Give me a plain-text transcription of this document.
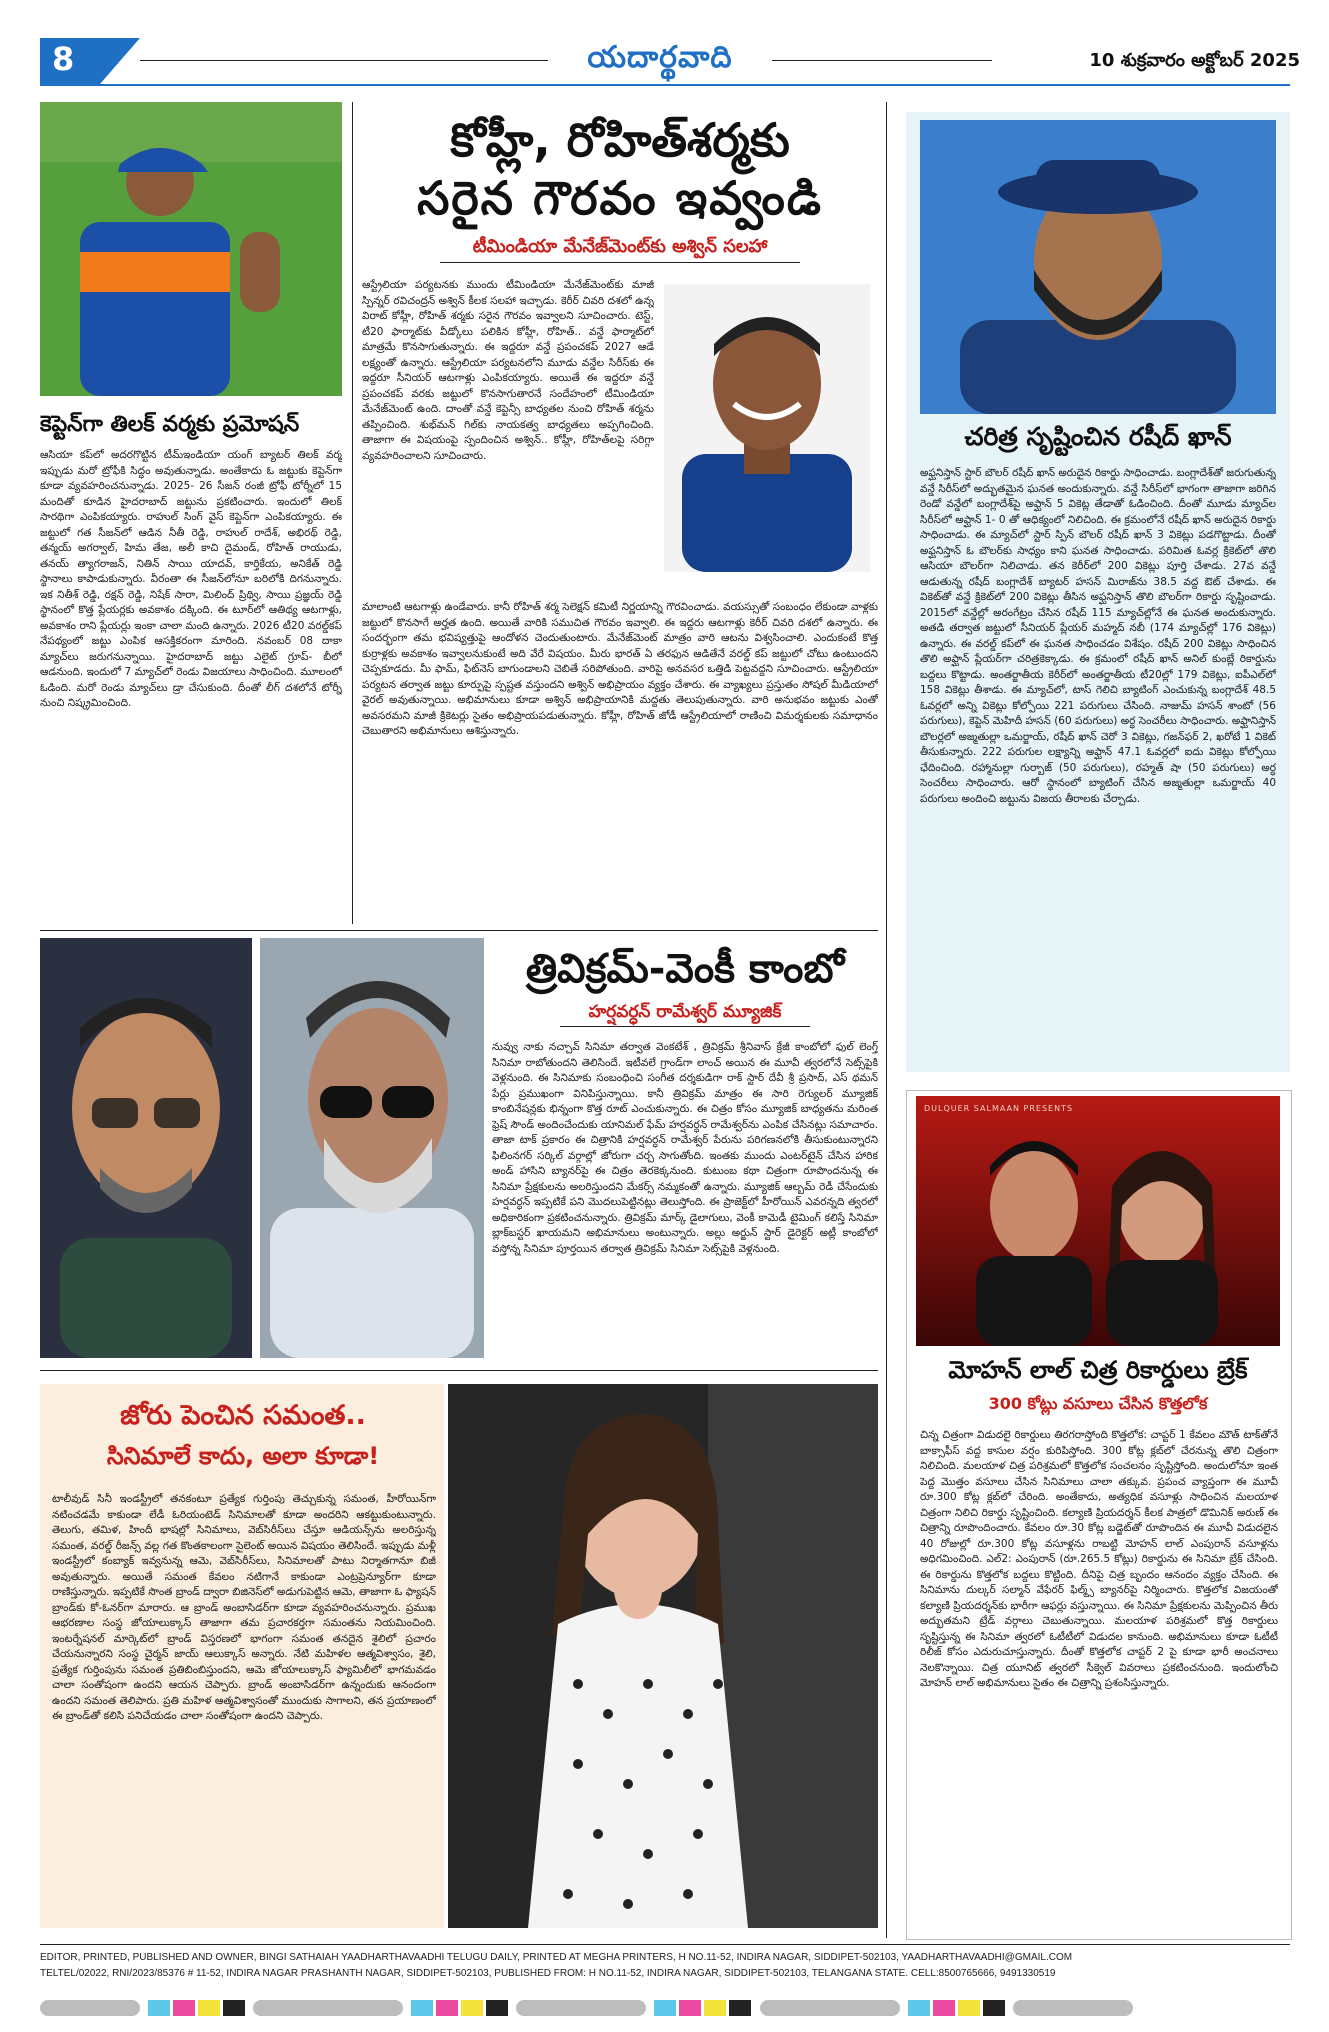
8	యదార్థవాది	10 శుక్రవారం అక్టోబర్ 2025
కెప్టెన్‌గా తిలక్ వర్మకు ప్రమోషన్
ఆసియా కప్‌లో అదరగొట్టిన టీమ్‌ఇండియా యంగ్ బ్యాటర్ తిలక్ వర్మ ఇప్పుడు మరో ట్రోఫీకి సిద్ధం అవుతున్నాడు. అంతేకాదు ఓ జట్టుకు కెప్టెన్‌గా కూడా వ్యవహరించనున్నాడు. 2025- 26 సీజన్ రంజీ ట్రోఫీ టోర్నీలో 15 మందితో కూడిన హైదరాబాద్ జట్టును ప్రకటించారు. ఇందులో తిలక్ సారథిగా ఎంపికయ్యారు. రాహుల్ సింగ్ వైస్ కెప్టెన్‌గా ఎంపికయ్యారు. ఈ జట్టులో గత సీజన్‌లో ఆడిన నీతీ రెడ్డి, రాహుల్ రాదేశ్, అభిరథ్ రెడ్డి, తన్మయ్ అగర్వాల్, హిమ తేజ, అలీ కాచి దైమండ్, రోహిత్ రాయుడు, తనయ్ త్యాగరాజన్, నితిన్ సాయి యాదవ్, కార్తికేయ, అనికేత్ రెడ్డి స్థానాలు కాపాడుకున్నారు. వీరంతా ఈ సీజన్‌లోనూ బరిలోకి దిగనున్నారు. ఇక నితీశ్ రెడ్డి, రక్షన్ రెడ్డి, నిషేక్ సారా, మిలింద్ ప్రిథ్వి, సాయి ప్రజ్ఞయ్ రెడ్డి స్థానంలో కొత్త ప్లేయర్లకు అవకాశం దక్కింది. ఈ టూర్‌లో ఆతిథ్య ఆటగాళ్లు, అవకాశం రాని ప్లేయర్లు ఇంకా చాలా మంది ఉన్నారు. 2026 టీ20 వరల్డ్‌కప్ నేపథ్యంలో జట్టు ఎంపిక ఆసక్తికరంగా మారింది. నవంబర్ 08 దాకా మ్యాచ్‌లు జరుగనున్నాయి. హైదరాబాద్ జట్టు ఎలైట్ గ్రూప్- బీలో ఆడనుంది. ఇందులో 7 మ్యాచ్‌లో రెండు విజయాలు సాధించింది. మూలంలో ఓడింది. మరో రెండు మ్యాచ్‌లు డ్రా చేసుకుంది. దీంతో లీగ్ దశలోనే టోర్నీ నుంచి నిష్క్రమించింది.
కోహ్లీ, రోహిత్‌శర్మకు
సరైన గౌరవం ఇవ్వండి
టీమిండియా మేనేజ్‌మెంట్‌కు అశ్విన్ సలహా
ఆస్ట్రేలియా పర్యటనకు ముందు టీమిండియా మేనేజ్‌మెంట్‌కు మాజీ స్పిన్నర్ రవిచంద్రన్ అశ్విన్ కీలక సలహా ఇచ్చాడు. కెరీర్ చివరి దశలో ఉన్న విరాట్ కోహ్లీ, రోహిత్ శర్మకు సరైన గౌరవం ఇవ్వాలని సూచించారు. టెస్ట్, టీ20 ఫార్మాట్‌కు వీడ్కోలు పలికిన కోహ్లీ, రోహిత్.. వన్డే ఫార్మాట్‌లో మాత్రమే కొనసాగుతున్నారు. ఈ ఇద్దరూ వన్డే ప్రపంచకప్ 2027 ఆడే లక్ష్యంతో ఉన్నారు. ఆస్ట్రేలియా పర్యటనలోని మూడు వన్డేల సిరీస్‌కు ఈ ఇద్దరూ సీనియర్ ఆటగాళ్లు ఎంపికయ్యారు. అయితే ఈ ఇద్దరూ వన్డే ప్రపంచకప్ వరకు జట్టులో కొనసాగుతారనే సందేహంలో టీమిండియా మేనేజ్‌మెంట్ ఉంది. దాంతో వన్డే కెప్టెన్సీ బాధ్యతల నుంచి రోహిత్ శర్మను తప్పించింది. శుభ్‌మన్ గిల్‌కు నాయకత్వ బాధ్యతలు అప్పగించింది. తాజాగా ఈ విషయంపై స్పందించిన అశ్విన్.. కోహ్లీ, రోహిత్‌లపై సరిగ్గా వ్యవహరించాలని సూచించారు.
మాలాంటి ఆటగాళ్లు ఉండేవారు. కానీ రోహిత్ శర్మ సెలెక్షన్ కమిటీ నిర్ణయాన్ని గౌరవించాడు. వయస్సుతో సంబంధం లేకుండా వాళ్లకు జట్టులో కొనసాగే అర్హత ఉంది. అయితే వారికి సముచిత గౌరవం ఇవ్వాలి. ఈ ఇద్దరు ఆటగాళ్లు కెరీర్ చివరి దశలో ఉన్నారు. ఈ సందర్భంగా తమ భవిష్యత్తుపై ఆందోళన చెందుతుంటారు. మేనేజ్‌మెంట్ మాత్రం వారి ఆటను విశ్వసించాలి. ఎందుకంటే కొత్త కుర్రాళ్లకు అవకాశం ఇవ్వాలనుకుంటే అది వేరే విషయం. మీరు భారత్ ఏ తరఫున ఆడితేనే వరల్డ్ కప్ జట్టులో చోటు ఉంటుందని చెప్పకూడదు. మీ ఫామ్, ఫిట్‌నెస్ బాగుండాలని చెబితే సరిపోతుంది. వారిపై అనవసర ఒత్తిడి పెట్టవద్దని సూచించారు. ఆస్ట్రేలియా పర్యటన తర్వాత జట్టు కూర్పుపై స్పష్టత వస్తుందని అశ్విన్ అభిప్రాయం వ్యక్తం చేశారు. ఈ వ్యాఖ్యలు ప్రస్తుతం సోషల్ మీడియాలో వైరల్ అవుతున్నాయి. అభిమానులు కూడా అశ్విన్ అభిప్రాయానికి మద్దతు తెలుపుతున్నారు. వారి అనుభవం జట్టుకు ఎంతో అవసరమని మాజీ క్రికెటర్లు సైతం అభిప్రాయపడుతున్నారు. కోహ్లీ, రోహిత్ జోడీ ఆస్ట్రేలియాలో రాణించి విమర్శకులకు సమాధానం చెబుతారని అభిమానులు ఆశిస్తున్నారు.
చరిత్ర సృష్టించిన రషీద్ ఖాన్
అఫ్ఘనిస్తాన్ స్టార్ బౌలర్ రషీద్ ఖాన్ అరుదైన రికార్డు సాధించాడు. బంగ్లాదేశ్‌తో జరుగుతున్న వన్డే సిరీస్‌లో అద్భుతమైన ఘనత అందుకున్నారు. వన్డే సిరీస్‌లో భాగంగా తాజాగా జరిగిన రెండో వన్డేలో బంగ్లాదేశ్‌పై అఫ్ఘాన్ 5 వికెట్ల తేడాతో ఓడించింది. దీంతో మూడు మ్యాచ్‌ల సిరీస్‌లో అఫ్ఘాన్ 1- 0 తో ఆధిక్యంలో నిలిచింది. ఈ క్రమంలోనే రషీద్ ఖాన్ అరుదైన రికార్డు సాధించాడు. ఈ మ్యాచ్‌లో స్టార్ స్పిన్ బౌలర్ రషీద్ ఖాన్ 3 వికెట్లు పడగొట్టాడు. దీంతో అఫ్ఘనిస్తాన్ ఓ బౌలర్‌కు సాధ్యం కాని ఘనత సాధించాడు. పరిమిత ఓవర్ల క్రికెట్‌లో తొలి ఆసియా బౌలర్‌గా నిలిచాడు. తన కెరీర్‌లో 200 వికెట్లు పూర్తి చేశాడు. 27వ వన్డే ఆడుతున్న రషీద్ బంగ్లాదేశ్ బ్యాటర్ హసన్ మిరాజ్‌ను 38.5 వద్ద ఔట్ చేశాడు. ఈ వికెట్‌తో వన్డే క్రికెట్‌లో 200 వికెట్లు తీసిన అఫ్ఘనిస్తాన్ తొలి బౌలర్‌గా రికార్డు సృష్టించాడు. 2015లో వన్డేల్లో అరంగేట్రం చేసిన రషీద్ 115 మ్యాచ్‌ల్లోనే ఈ ఘనత అందుకున్నారు. అతడి తర్వాత జట్టులో సీనియర్ ప్లేయర్ మహ్మద్ నబీ (174 మ్యాచ్‌ల్లో 176 వికెట్లు) ఉన్నారు. ఈ వరల్డ్ కప్‌లో ఈ ఘనత సాధించడం విశేషం. రషీద్ 200 వికెట్లు సాధించిన తొలి అఫ్ఘాన్ ప్లేయర్‌గా చరిత్రకెక్కాడు. ఈ క్రమంలో రషీద్ ఖాన్ అనిల్ కుంబ్లే రికార్డును బద్దలు కొట్టాడు. అంతర్జాతీయ కెరీర్‌లో అంతర్జాతీయ టీ20ల్లో 179 వికెట్లు, ఐపీఎల్‌లో 158 వికెట్లు తీశాడు. ఈ మ్యాచ్‌లో, టాస్ గెలిచి బ్యాటింగ్ ఎంచుకున్న బంగ్లాదేశ్ 48.5 ఓవర్లలో అన్ని వికెట్లు కోల్పోయి 221 పరుగులు చేసింది. నాజుమ్ హసన్ శాంటో (56 పరుగులు), కెప్టెన్ మెహిదీ హసన్ (60 పరుగులు) అర్ధ సెంచరీలు సాధించారు. అఫ్ఘానిస్తాన్ బౌలర్లలో అజ్మతుల్లా ఒమర్జాయ్, రషీద్ ఖాన్ చెరో 3 వికెట్లు, గజన్‌ఫర్ 2, ఖరోటే 1 వికెట్ తీసుకున్నారు. 222 పరుగుల లక్ష్యాన్ని అఫ్ఘాన్ 47.1 ఓవర్లలో ఐదు వికెట్లు కోల్పోయి ఛేదించింది. రహ్మానుల్లా గుర్బాజ్ (50 పరుగులు), రహ్మత్ షా (50 పరుగులు) అర్ధ సెంచరీలు సాధించారు. ఆరో స్థానంలో బ్యాటింగ్ చేసిన అజ్మతుల్లా ఒమర్జాయ్ 40 పరుగులు అందించి జట్టును విజయ తీరాలకు చేర్చాడు.
త్రివిక్రమ్-వెంకీ కాంబో
హర్షవర్ధన్ రామేశ్వర్ మ్యూజిక్
నువ్వు నాకు నచ్చావ్ సినిమా తర్వాత వెంకటేశ్ , త్రివిక్రమ్ శ్రీనివాస్ క్రేజీ కాంబోలో ఫుల్ లెంగ్త్ సినిమా రాబోతుందని తెలిసిందే. ఇటీవలే గ్రాండ్‌గా లాంచ్ అయిన ఈ మూవీ త్వరలోనే సెట్స్‌పైకి వెళ్లనుంది. ఈ సినిమాకు సంబంధించి సంగీత దర్శకుడిగా రాక్ స్టార్ దేవీ శ్రీ ప్రసాద్, ఎస్ థమన్ పేర్లు ప్రముఖంగా వినిపిస్తున్నాయి. కానీ త్రివిక్రమ్ మాత్రం ఈ సారి రెగ్యులర్ మ్యూజిక్ కాంబినేషన్లకు భిన్నంగా కొత్త రూట్ ఎంచుకున్నారు. ఈ చిత్రం కోసం మ్యూజిక్ బాధ్యతను మరింత ఫ్రెష్ సౌండ్ అందించేందుకు యానిమల్ ఫేమ్ హర్షవర్ధన్ రామేశ్వర్‌ను ఎంపిక చేసినట్లు సమాచారం. తాజా టాక్ ప్రకారం ఈ చిత్రానికి హర్షవర్ధన్ రామేశ్వర్ పేరును పరిగణనలోకి తీసుకుంటున్నారని ఫిలింనగర్ సర్కిల్ వర్గాల్లో జోరుగా చర్చ సాగుతోంది. ఇంతకు ముందు ఎంటర్‌టైన్ చేసిన హారిక అండ్ హాసిని బ్యానర్‌పై ఈ చిత్రం తెరకెక్కనుంది. కుటుంబ కథా చిత్రంగా రూపొందనున్న ఈ సినిమా ప్రేక్షకులను అలరిస్తుందని మేకర్స్ నమ్మకంతో ఉన్నారు. మ్యూజిక్ ఆల్బమ్ రెడీ చేసేందుకు హర్షవర్ధన్ ఇప్పటికే పని మొదలుపెట్టినట్లు తెలుస్తోంది. ఈ ప్రాజెక్ట్‌లో హీరోయిన్ ఎవరన్నది త్వరలో అధికారికంగా ప్రకటించనున్నారు. త్రివిక్రమ్ మార్క్ డైలాగులు, వెంకీ కామెడీ టైమింగ్ కలిస్తే సినిమా బ్లాక్‌బస్టర్ ఖాయమని అభిమానులు అంటున్నారు. అల్లు అర్జున్ స్టార్ డైరెక్టర్ అట్లీ కాంబోలో వస్తోన్న సినిమా పూర్తయిన తర్వాత త్రివిక్రమ్ సినిమా సెట్స్‌పైకి వెళ్లనుంది.
DULQUER SALMAAN PRESENTS
మోహన్ లాల్ చిత్ర రికార్డులు బ్రేక్
300 కోట్లు వసూలు చేసిన కొత్తలోక
చిన్న చిత్రంగా విడుదలై రికార్డులు తిరగరాస్తోంది కొత్తలోక: చాప్టర్ 1 కేవలం మౌత్ టాక్‌తోనే బాక్సాఫీస్ వద్ద కాసుల వర్షం కురిపిస్తోంది. 300 కోట్ల క్లబ్‌లో చేరనున్న తొలి చిత్రంగా నిలిచింది. మలయాళ చిత్ర పరిశ్రమలో కొత్తలోక సంచలనం సృష్టిస్తోంది. అందులోనూ ఇంత పెద్ద మొత్తం వసూలు చేసిన సినిమాలు చాలా తక్కువ. ప్రపంచ వ్యాప్తంగా ఈ మూవీ రూ.300 కోట్ల క్లబ్‌లో చేరింది. అంతేకాదు, అత్యధిక వసూళ్లు సాధించిన మలయాళ చిత్రంగా నిలిచి రికార్డు సృష్టించింది. కల్యాణి ప్రియదర్శన్ కీలక పాత్రలో డొమినిక్ అరుణ్ ఈ చిత్రాన్ని రూపొందించారు. కేవలం రూ.30 కోట్ల బడ్జెట్‌తో రూపొందిన ఈ మూవీ విడుదలైన 40 రోజుల్లో రూ.300 కోట్ల వసూళ్లను రాబట్టి మోహన్ లాల్ ఎంపురాన్ వసూళ్లను అధిగమించింది. ఎల్2: ఎంపురాన్ (రూ.265.5 కోట్లు) రికార్డును ఈ సినిమా బ్రేక్ చేసింది. ఈ రికార్డును కొత్తలోక బద్దలు కొట్టింది. దీనిపై చిత్ర బృందం ఆనందం వ్యక్తం చేసింది. ఈ సినిమాను దుల్కర్ సల్మాన్ వేఫేరర్ ఫిల్మ్స్ బ్యానర్‌పై నిర్మించారు. కొత్తలోక విజయంతో కల్యాణి ప్రియదర్శన్‌కు భారీగా ఆఫర్లు వస్తున్నాయి. ఈ సినిమా ప్రేక్షకులను మెప్పించిన తీరు అద్భుతమని ట్రేడ్ వర్గాలు చెబుతున్నాయి. మలయాళ పరిశ్రమలో కొత్త రికార్డులు సృష్టిస్తున్న ఈ సినిమా త్వరలో ఓటీటీలో విడుదల కానుంది. అభిమానులు కూడా ఓటీటీ రిలీజ్ కోసం ఎదురుచూస్తున్నారు. దీంతో కొత్తలోక చాప్టర్ 2 పై కూడా భారీ అంచనాలు నెలకొన్నాయి. చిత్ర యూనిట్ త్వరలో సీక్వెల్ వివరాలు ప్రకటించనుంది. ఇందులోంచి మోహన్ లాల్ అభిమానులు సైతం ఈ చిత్రాన్ని ప్రశంసిస్తున్నారు.
జోరు పెంచిన సమంత..
సినిమాలే కాదు, అలా కూడా!
టాలీవుడ్ సినీ ఇండస్ట్రీలో తనకంటూ ప్రత్యేక గుర్తింపు తెచ్చుకున్న సమంత, హీరోయిన్‌గా నటించడమే కాకుండా లేడీ ఓరియంటెడ్ సినిమాలతో కూడా అందరిని ఆకట్టుకుంటున్నారు. తెలుగు, తమిళ, హిందీ భాషల్లో సినిమాలు, వెబ్‌సిరీస్‌లు చేస్తూ ఆడియన్స్‌ను అలరిస్తున్న సమంత, వరల్డ్ రీజన్స్ వల్ల గత కొంతకాలంగా సైలెంట్ అయిన విషయం తెలిసిందే. ఇప్పుడు మళ్లీ ఇండస్ట్రీలో కంబ్యాక్ ఇవ్వనున్న ఆమె, వెబ్‌సిరీస్‌లు, సినిమాలతో పాటు నిర్మాతగానూ బిజీ అవుతున్నారు. అయితే సమంత కేవలం నటిగానే కాకుండా ఎంట్రప్రెన్యూర్‌గా కూడా రాణిస్తున్నారు. ఇప్పటికే సొంత బ్రాండ్ ద్వారా బిజినెస్‌లో అడుగుపెట్టిన ఆమె, తాజాగా ఓ ఫ్యాషన్ బ్రాండ్‌కు కో-ఓనర్‌గా మారారు. ఆ బ్రాండ్ అంబాసిడర్‌గా కూడా వ్యవహరించనున్నారు. ప్రముఖ ఆభరణాల సంస్థ జోయాలుక్కాస్ తాజాగా తమ ప్రచారకర్తగా సమంతను నియమించింది. ఇంటర్నేషనల్ మార్కెట్‌లో బ్రాండ్ విస్తరణలో భాగంగా సమంత తనదైన శైలిలో ప్రచారం చేయనున్నారని సంస్థ చైర్మన్ జాయ్ ఆలుక్కాస్ అన్నారు. నేటి మహిళల ఆత్మవిశ్వాసం, శైలి, ప్రత్యేక గుర్తింపును సమంత ప్రతిబింబిస్తుందని, ఆమె జోయాలుక్కాస్ ఫ్యామిలీలో భాగమవడం చాలా సంతోషంగా ఉందని ఆయన చెప్పారు. బ్రాండ్ అంబాసిడర్‌గా ఉన్నందుకు ఆనందంగా ఉందని సమంత తెలిపారు. ప్రతి మహిళ ఆత్మవిశ్వాసంతో ముందుకు సాగాలని, తన ప్రయాణంలో ఈ బ్రాండ్‌తో కలిసి పనిచేయడం చాలా సంతోషంగా ఉందని చెప్పారు.
EDITOR, PRINTED, PUBLISHED AND OWNER, BINGI SATHAIAH YAADHARTHAVAADHI TELUGU DAILY, PRINTED AT MEGHA PRINTERS, H NO.11-52, INDIRA NAGAR, SIDDIPET-502103, YAADHARTHAVAADHI@GMAIL.COM
TELTEL/02022, RNI/2023/85376 # 11-52, INDIRA NAGAR PRASHANTH NAGAR, SIDDIPET-502103, PUBLISHED FROM: H NO.11-52, INDIRA NAGAR, SIDDIPET-502103, TELANGANA STATE. CELL:8500765666, 9491330519
